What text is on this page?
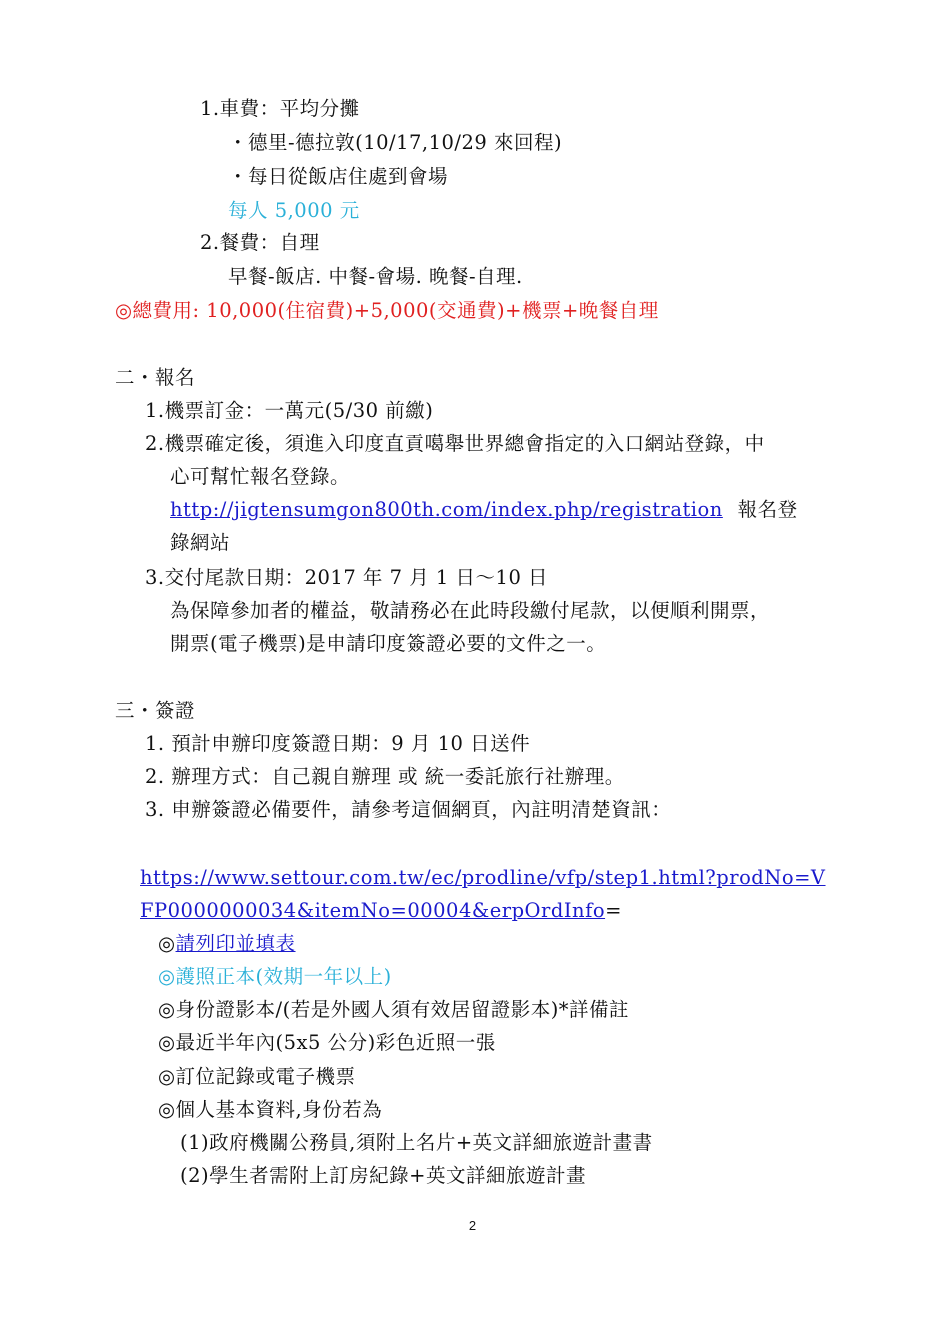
1.車費：平均分攤
・德里-德拉敦(10/17,10/29 來回程)
・每日從飯店住處到會場
每人 5,000 元
2.餐費：自理
早餐-飯店. 中餐-會場. 晚餐-自理.
◎總費用: 10,000(住宿費)+5,000(交通費)+機票+晚餐自理
二・報名
1.機票訂金：一萬元(5/30 前繳)
2.機票確定後，須進入印度直貢噶舉世界總會指定的入口網站登錄，中
心可幫忙報名登錄。
http://jigtensumgon800th.com/index.php/registration 報名登
錄網站
3.交付尾款日期：2017 年 7 月 1 日～10 日
為保障參加者的權益，敬請務必在此時段繳付尾款，以便順利開票，
開票(電子機票)是申請印度簽證必要的文件之一。
三・簽證
1. 預計申辦印度簽證日期：9 月 10 日送件
2. 辦理方式：自己親自辦理 或 統一委託旅行社辦理。
3. 申辦簽證必備要件，請參考這個網頁，內註明清楚資訊：
https://www.settour.com.tw/ec/prodline/vfp/step1.html?prodNo=V
FP0000000034&itemNo=00004&erpOrdInfo=
◎請列印並填表
◎護照正本(效期一年以上)
◎身份證影本/(若是外國人須有效居留證影本)*詳備註
◎最近半年內(5x5 公分)彩色近照一張
◎訂位記錄或電子機票
◎個人基本資料,身份若為
(1)政府機關公務員,須附上名片+英文詳細旅遊計畫書
(2)學生者需附上訂房紀錄+英文詳細旅遊計畫
2
